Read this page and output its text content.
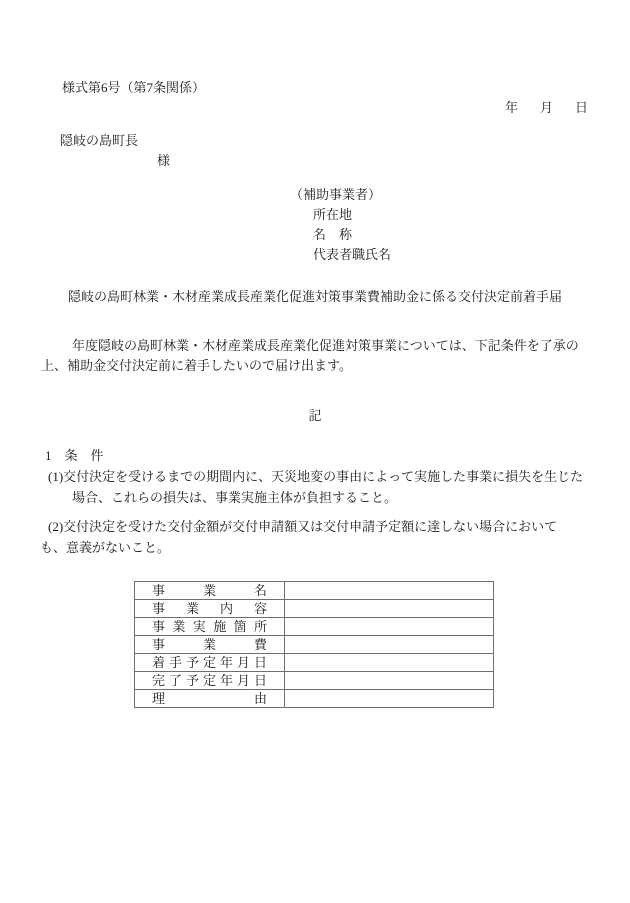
様式第6号（第7条関係）
年 月 日
隠岐の島町長
様
（補助事業者）
所在地
名　称
代表者職氏名
隠岐の島町林業・木材産業成長産業化促進対策事業費補助金に係る交付決定前着手届
年度隠岐の島町林業・木材産業成長産業化促進対策事業については、下記条件を了承の
上、補助金交付決定前に着手したいので届け出ます。
記
1　条　件
(1)交付決定を受けるまでの期間内に、天災地変の事由によって実施した事業に損失を生じた
場合、これらの損失は、事業実施主体が負担すること。
(2)交付決定を受けた交付金額が交付申請額又は交付申請予定額に達しない場合において
も、意義がないこと。
事業名	
事業内容	
事業実施箇所	
事業費	
着手予定年月日	
完了予定年月日	
理由	
